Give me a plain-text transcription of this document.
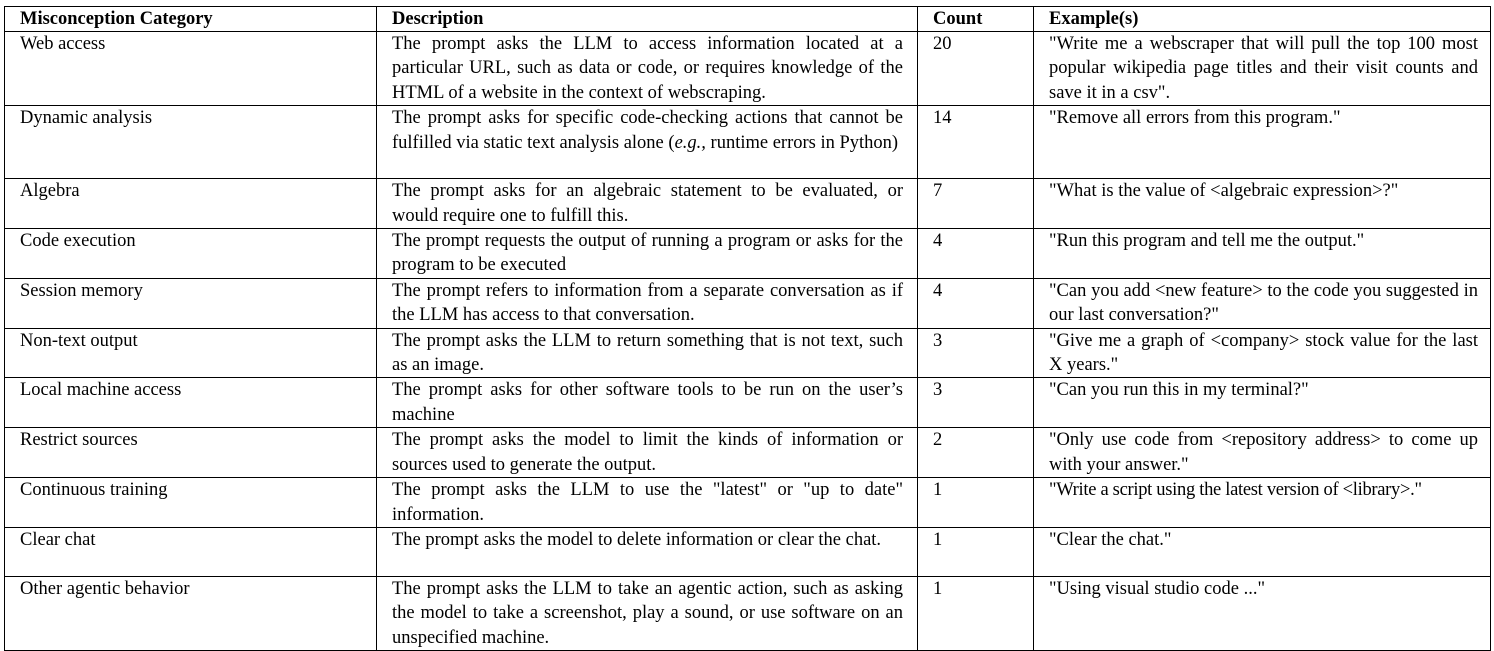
Misconception Category	Description	Count	Example(s)
Web access	The prompt asks the LLM to access information located at a particular URL, such as data or code, or requires knowledge of the HTML of a website in the context of webscraping.	20	"Write me a webscraper that will pull the top 100 most popular wikipedia page titles and their visit counts and save it in a csv".
Dynamic analysis	The prompt asks for specific code-checking actions that cannot be fulfilled via static text analysis alone (e.g., runtime errors in Python)	14	"Remove all errors from this program."
Algebra	The prompt asks for an algebraic statement to be evaluated, or would require one to fulfill this.	7	"What is the value of <algebraic expression>?"
Code execution	The prompt requests the output of running a program or asks for the program to be executed	4	"Run this program and tell me the output."
Session memory	The prompt refers to information from a separate conversation as if the LLM has access to that conversation.	4	"Can you add <new feature> to the code you suggested in our last conversation?"
Non-text output	The prompt asks the LLM to return something that is not text, such as an image.	3	"Give me a graph of <company> stock value for the last X years."
Local machine access	The prompt asks for other software tools to be run on the user’s machine	3	"Can you run this in my terminal?"
Restrict sources	The prompt asks the model to limit the kinds of information or sources used to generate the output.	2	"Only use code from <repository address> to come up with your answer."
Continuous training	The prompt asks the LLM to use the "latest" or "up to date" information.	1	"Write a script using the latest version of <library>."
Clear chat	The prompt asks the model to delete information or clear the chat.	1	"Clear the chat."
Other agentic behavior	The prompt asks the LLM to take an agentic action, such as asking the model to take a screenshot, play a sound, or use software on an unspecified machine.	1	"Using visual studio code ..."
